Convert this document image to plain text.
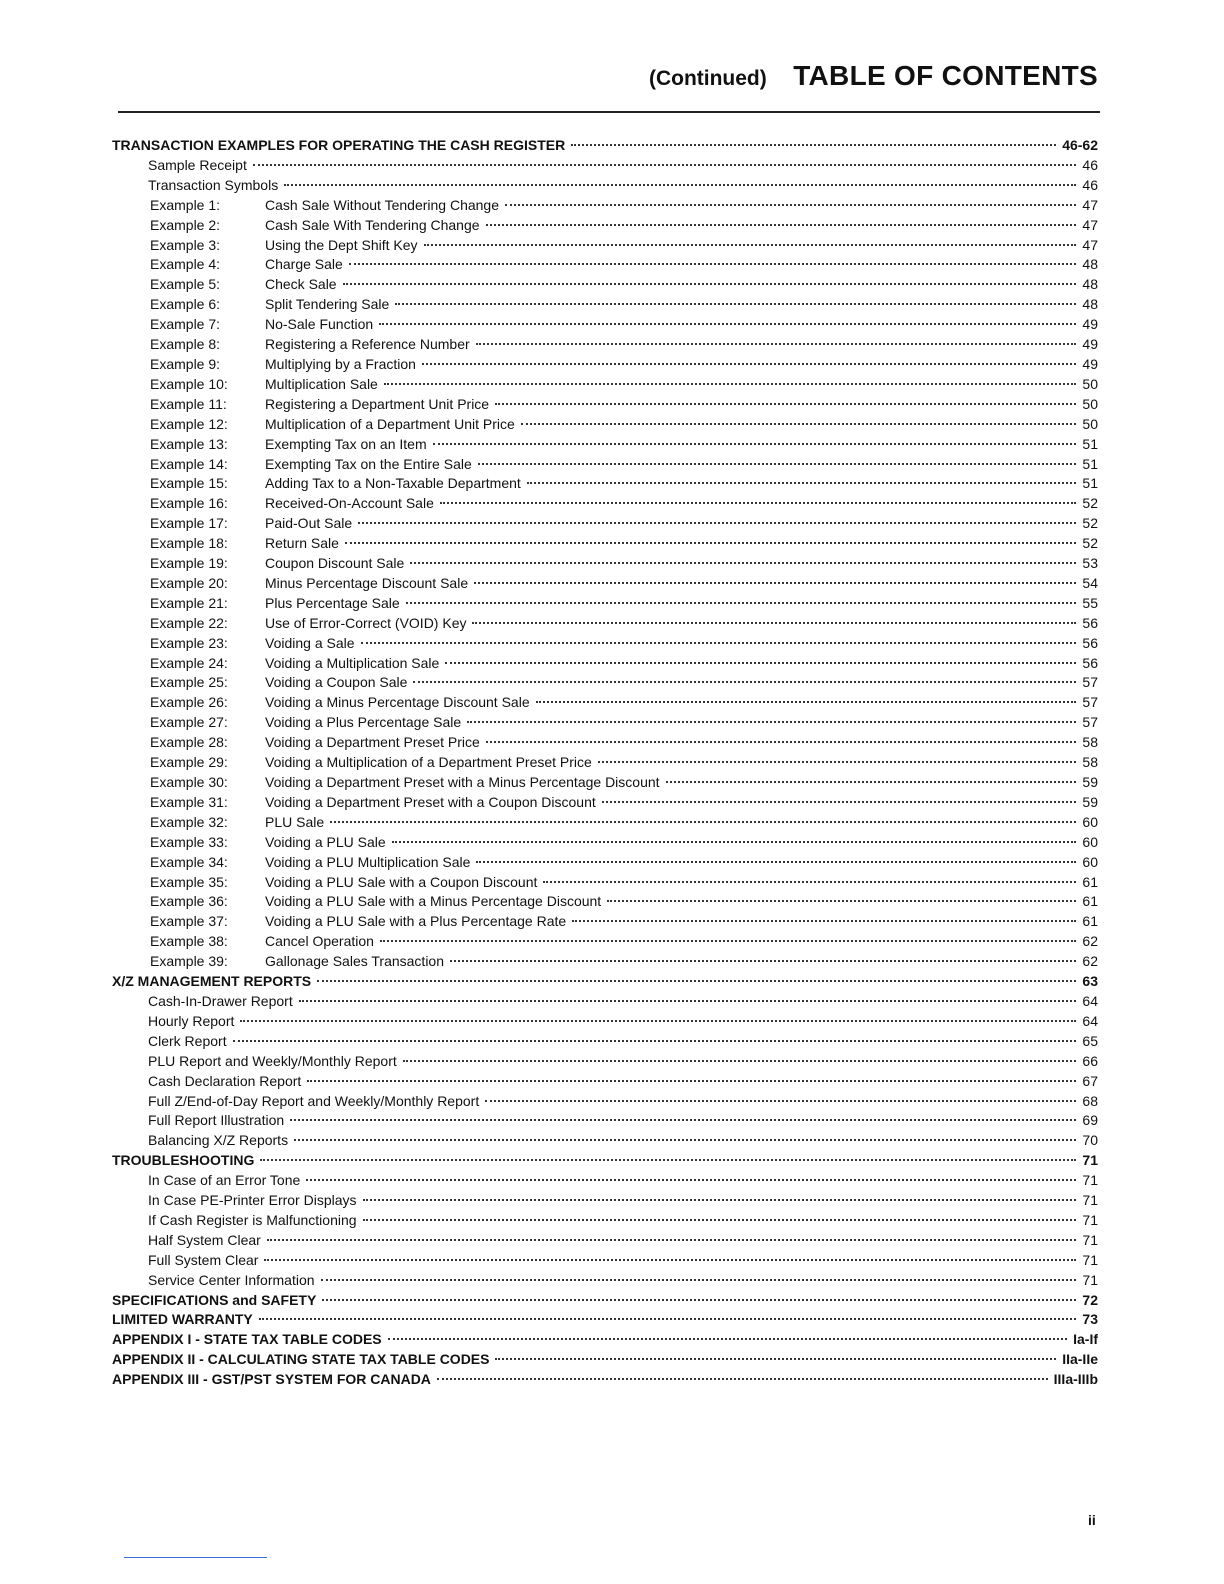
(Continued) TABLE OF CONTENTS
TRANSACTION EXAMPLES FOR OPERATING THE CASH REGISTER	46-62
Sample Receipt	46
Transaction Symbols	46
Example 1:	Cash Sale Without Tendering Change	47
Example 2:	Cash Sale With Tendering Change	47
Example 3:	Using the Dept Shift Key	47
Example 4:	Charge Sale	48
Example 5:	Check Sale	48
Example 6:	Split Tendering Sale	48
Example 7:	No-Sale Function	49
Example 8:	Registering a Reference Number	49
Example 9:	Multiplying by a Fraction	49
Example 10:	Multiplication Sale	50
Example 11:	Registering a Department Unit Price	50
Example 12:	Multiplication of a Department Unit Price	50
Example 13:	Exempting Tax on an Item	51
Example 14:	Exempting Tax on the Entire Sale	51
Example 15:	Adding Tax to a Non-Taxable Department	51
Example 16:	Received-On-Account Sale	52
Example 17:	Paid-Out Sale	52
Example 18:	Return Sale	52
Example 19:	Coupon Discount Sale	53
Example 20:	Minus Percentage Discount Sale	54
Example 21:	Plus Percentage Sale	55
Example 22:	Use of Error-Correct (VOID) Key	56
Example 23:	Voiding a Sale	56
Example 24:	Voiding a Multiplication Sale	56
Example 25:	Voiding a Coupon Sale	57
Example 26:	Voiding a Minus Percentage Discount Sale	57
Example 27:	Voiding a Plus Percentage Sale	57
Example 28:	Voiding a Department Preset Price	58
Example 29:	Voiding a Multiplication of a Department Preset Price	58
Example 30:	Voiding a Department Preset with a Minus Percentage Discount	59
Example 31:	Voiding a Department Preset with a Coupon Discount	59
Example 32:	PLU Sale	60
Example 33:	Voiding a PLU Sale	60
Example 34:	Voiding a PLU Multiplication Sale	60
Example 35:	Voiding a PLU Sale with a Coupon Discount	61
Example 36:	Voiding a PLU Sale with a Minus Percentage Discount	61
Example 37:	Voiding a PLU Sale with a Plus Percentage Rate	61
Example 38:	Cancel Operation	62
Example 39:	Gallonage Sales Transaction	62
X/Z MANAGEMENT REPORTS	63
Cash-In-Drawer Report	64
Hourly Report	64
Clerk Report	65
PLU Report and Weekly/Monthly Report	66
Cash Declaration Report	67
Full Z/End-of-Day Report and Weekly/Monthly Report	68
Full Report Illustration	69
Balancing X/Z Reports	70
TROUBLESHOOTING	71
In Case of an Error Tone	71
In Case PE-Printer Error Displays	71
If Cash Register is Malfunctioning	71
Half System Clear	71
Full System Clear	71
Service Center Information	71
SPECIFICATIONS and SAFETY	72
LIMITED WARRANTY	73
APPENDIX I - STATE TAX TABLE CODES	Ia-If
APPENDIX II - CALCULATING STATE TAX TABLE CODES	IIa-IIe
APPENDIX III - GST/PST SYSTEM FOR CANADA	IIIa-IIIb
ii
